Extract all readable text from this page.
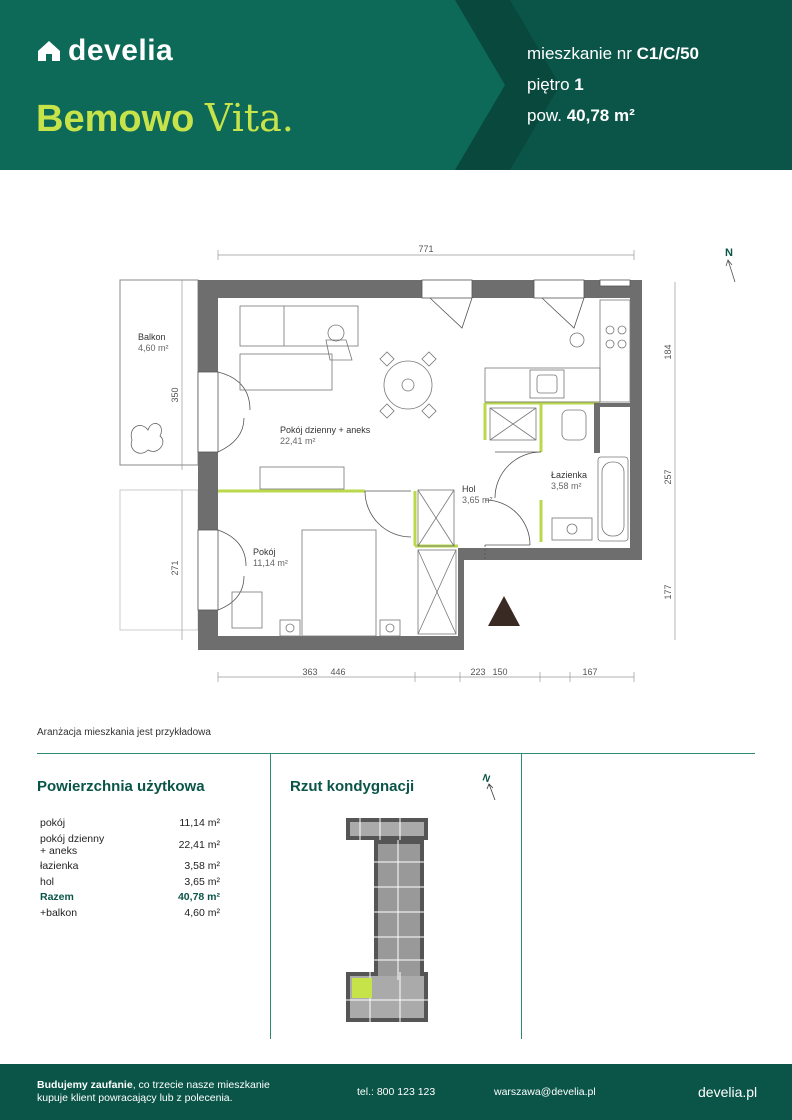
develia
Bemowo Vita.
mieszkanie nr C1/C/50
piętro 1
pow. 40,78 m²
771
350
271
184
257
177
363 446	223 150	167
N
Balkon
4,60 m²
Pokój dzienny + aneks
22,41 m²
Hol
3,65 m²
Łazienka
3,58 m²
Pokój
11,14 m²
Aranżacja mieszkania jest przykładowa
Powierzchnia użytkowa
pokój	11,14 m²
pokój dzienny + aneks	22,41 m²
łazienka	3,58 m²
hol	3,65 m²
Razem	40,78 m²
+balkon	4,60 m²
Rzut kondygnacji	N
Budujemy zaufanie, co trzecie nasze mieszkanie
kupuje klient powracający lub z polecenia.	tel.: 800 123 123	warszawa@develia.pl	develia.pl
